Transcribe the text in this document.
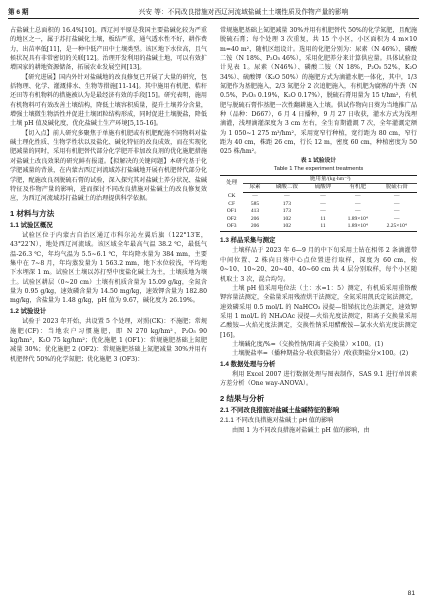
第 6 期	兴安 等：不同改良措施对西辽河流域盐碱土土壤性质及作物产量的影响

占盐碱土总面积的 16.4%[10]。西辽河平原是我国主要盐碱化较为严重的地区之一，属于苏打盐碱化土壤，板结严重，通气透水性不好，耕作费力，出苗率低[11]，是一种中低产田中土壤类型。该区地下水位高，且气候状况具有非常密切的关联[12]。治理开发利用的盐碱土地，可以有效扩增国家的耕地资源储备，拓展农业发展空间[13]。

【研究进展】国内外针对盐碱地的改良修复已开展了大量的研究，包括物理、化学、灌溉排水、生物等措施[11-14]。其中施用有机肥、秸秆还田等有机物料的措施被认为是最经济有效的手段[15]。研究表明，施用有机物料可有效改善土壤结构，降低土壤容积质量，提升土壤养分含量，增强土壤微生物活性并促进土壤团粒结构形成，同时促进土壤脱盐，降低土壤 pH 值及碱化度，优化盐碱土生产环境[5,15-16]。

【切入点】前人研究多聚焦于单施有机肥或有机肥配施不同物料对盐碱土理化性质、生物学性状以及盐化、碱化特征的改良成效，而在实现化肥减量的同时，采用有机肥替代部分化学肥开非加改良剂的优化施肥措施对盐碱土改良效果的研究鲜有报道。【拟解决的关键问题】本研究基于化学肥减量的背景，在内蒙古西辽河流域苏打盐碱地开展有机肥替代部分化学肥，配施改良剂脱硫石膏的试验，深入探究其对盐碱土养分状况、盐碱特征及作物产量的影响，进而探讨不同改良措施对盐碱土的改良修复效应，为西辽河流域苏打盐碱土的治理提供科学依据。

1 材料与方法
1.1 试验区概况

试验区位于内蒙古自治区通辽市科尔沁左翼后旗（122°13′E，43°22′N），地处西辽河流域。该区域全年最高气温 38.2 ℃，最低气温-26.3 ℃，年均气温为 5.5~6.1 ℃，年均降水量为 384 mm，主要集中在 7~8 月，年均蒸发量为 1 563.2 mm，地下水位较浅，平均地下水埋深 1 m。试验区土壤以苏打型中度盐化碱土为主，土壤质地为壤土。试验区耕层（0~20 cm）土壤有机质含量为 15.09 g/kg，全氮含量为 0.95 g/kg，速效磷含量为 14.50 mg/kg，速效钾含量为 182.80 mg/kg，含盐量为 1.48 g/kg，pH 值为 9.67，碱化度为 26.19%。

1.2 试验设计

试验于 2023 年开始，共设置 5 个处理，对照(CK)：不施肥；常规施肥(CF)：当地农户习惯施肥，即 N 270 kg/hm²，P₂O₅ 90 kg/hm²，K₂O 75 kg/hm²；优化施肥 1 (OF1)：常规施肥基础上氮肥减量 30%；优化施肥 2 (OF2)：常规施肥基础上氮肥减量 30%并用有机肥替代 50%的化学氮肥；优化施肥 3 (OF3)：

常规施肥基础上氮肥减量 30%并用有机肥替代 50%的化学氮肥，且配施脱硫石膏；每个处理 3 次重复，共 15 个小区，小区面积为 4 m×10 m=40 m²，随机区组设计。选用的化肥分别为：尿素（N 46%）、磷酸二铵（N 18%、P₂O₅ 46%），采用化肥养分来计算供应量。具体试验设计见表 1。尿素（N46%）、磷酸二铵（N 18%，P₂O₅ 52%，K₂O 34%）、硫酸钾（K₂O 50%）的施肥方式为滴灌水肥一体化，其中，1/3 氮肥作为基肥施入，2/3 氮肥分 2 次追肥施入，有机肥为腐熟的牛粪（N 0.5%，P₂O₅ 0.19%，K₂O 0.17%），脱硫石膏用量为 15 t/hm²，有机肥与脱硫石膏作基肥一次性翻耕施入土壤。供试作物向日葵为当地推广品种（品种：D667），6 月 4 日播种，9 月 27 日收获，灌水方式为浅埋滴灌，浅埋滴灌深度为 3 cm 左右，全生育期灌溉 7 次，全年灌溉定额为 1 050~1 275 m³/hm²，采用宽窄行种植，宽行距为 80 cm，窄行距为 40 cm，株距 26 cm，行长 12 m，密度 60 cm，种植密度为 50 025 株/hm²。

表 1 试验设计
Table 1 The experiment treatments
处理	施用量/(kg·hm⁻²)				
	尿素	磷酸二铵	硫酸钾	有机肥	脱硫石膏
CK	—	—	—	—	—
CF	585	173	—	—	—
OF1	413	173	—	—	—
OF2	206	102	11	1.89×10⁴	—
OF3	206	102	11	1.89×10⁴	2.25×10⁴
1.3 样品采集与测定

土壤样品于 2023 年 6—9 月的中下旬采用土钻在相邻 2 条滴灌带中间位置、2 株向日葵中心点位置进行取样，深度为 60 cm，按 0~10、10~20、20~40、40~60 cm 共 4 层分别取样，每个小区随机取土 3 次，混合均匀。

土壤 pH 值采用电位法（土：水=1：5）测定，有机质采用重铬酸钾容量法测定，全盐量采用残渣烘干法测定，全氮采用凯氏定氮法测定，速效磷采用 0.5 mol/L 的 NaHCO₃ 浸提—钼锑抗比色法测定，速效钾采用 1 mol/L 的 NH₄OAc 浸提—火焰光度法测定，阳离子交换量采用乙酸铵—火焰光度法测定，交换性钠采用醋酸铵—氯水火焰光度法测定[16]。

土壤碱化度/%=（交换性钠/阳离子交换量）×100。(1)

土壤脱盐率=（播种期盐分-收获期盐分）/收获期盐分×100。(2)

1.4 数据处理与分析

利用 Excel 2007 进行数据处理与图表制作，SAS 9.1 进行单因素方差分析（One way-ANOVA）。

2 结果与分析
2.1 不同改良措施对盐碱土盐碱特征的影响
2.1.1 不同改良措施对盐碱土 pH 值的影响

由图 1 为不同改良措施对盐碱土 pH 值的影响，由

81
